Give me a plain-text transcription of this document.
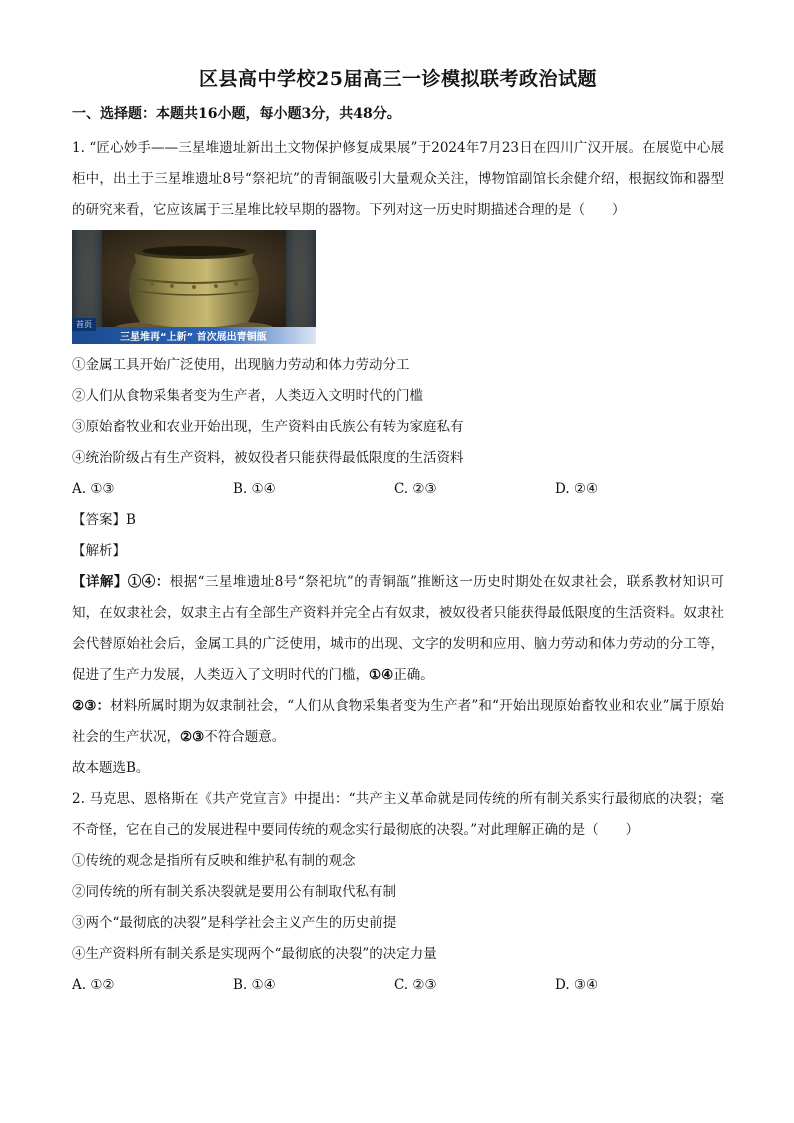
区县高中学校25届高三一诊模拟联考政治试题
一、选择题：本题共16小题，每小题3分，共48分。

1. “匠心妙手——三星堆遗址新出土文物保护修复成果展”于2024年7月23日在四川广汉开展。在展览中心展柜中，出土于三星堆遗址8号“祭祀坑”的青铜瓿吸引大量观众关注，博物馆副馆长余健介绍，根据纹饰和器型的研究来看，它应该属于三星堆比较早期的器物。下列对这一历史时期描述合理的是（　　）

首页
三星堆再“上新” 首次展出青铜瓿

①金属工具开始广泛使用，出现脑力劳动和体力劳动分工

②人们从食物采集者变为生产者，人类迈入文明时代的门槛

③原始畜牧业和农业开始出现，生产资料由氏族公有转为家庭私有

④统治阶级占有生产资料，被奴役者只能获得最低限度的生活资料

A. ①③	B. ①④	C. ②③	D. ②④

【答案】B

【解析】

【详解】①④：根据“三星堆遗址8号“祭祀坑”的青铜瓿”推断这一历史时期处在奴隶社会，联系教材知识可知，在奴隶社会，奴隶主占有全部生产资料并完全占有奴隶，被奴役者只能获得最低限度的生活资料。奴隶社会代替原始社会后，金属工具的广泛使用，城市的出现、文字的发明和应用、脑力劳动和体力劳动的分工等，促进了生产力发展，人类迈入了文明时代的门槛，①④正确。

②③：材料所属时期为奴隶制社会，“人们从食物采集者变为生产者”和“开始出现原始畜牧业和农业”属于原始社会的生产状况，②③不符合题意。

故本题选B。

2. 马克思、恩格斯在《共产党宣言》中提出：“共产主义革命就是同传统的所有制关系实行最彻底的决裂；毫不奇怪，它在自己的发展进程中要同传统的观念实行最彻底的决裂。”对此理解正确的是（　　）

①传统的观念是指所有反映和维护私有制的观念

②同传统的所有制关系决裂就是要用公有制取代私有制

③两个“最彻底的决裂”是科学社会主义产生的历史前提

④生产资料所有制关系是实现两个“最彻底的决裂”的决定力量

A. ①②	B. ①④	C. ②③	D. ③④
